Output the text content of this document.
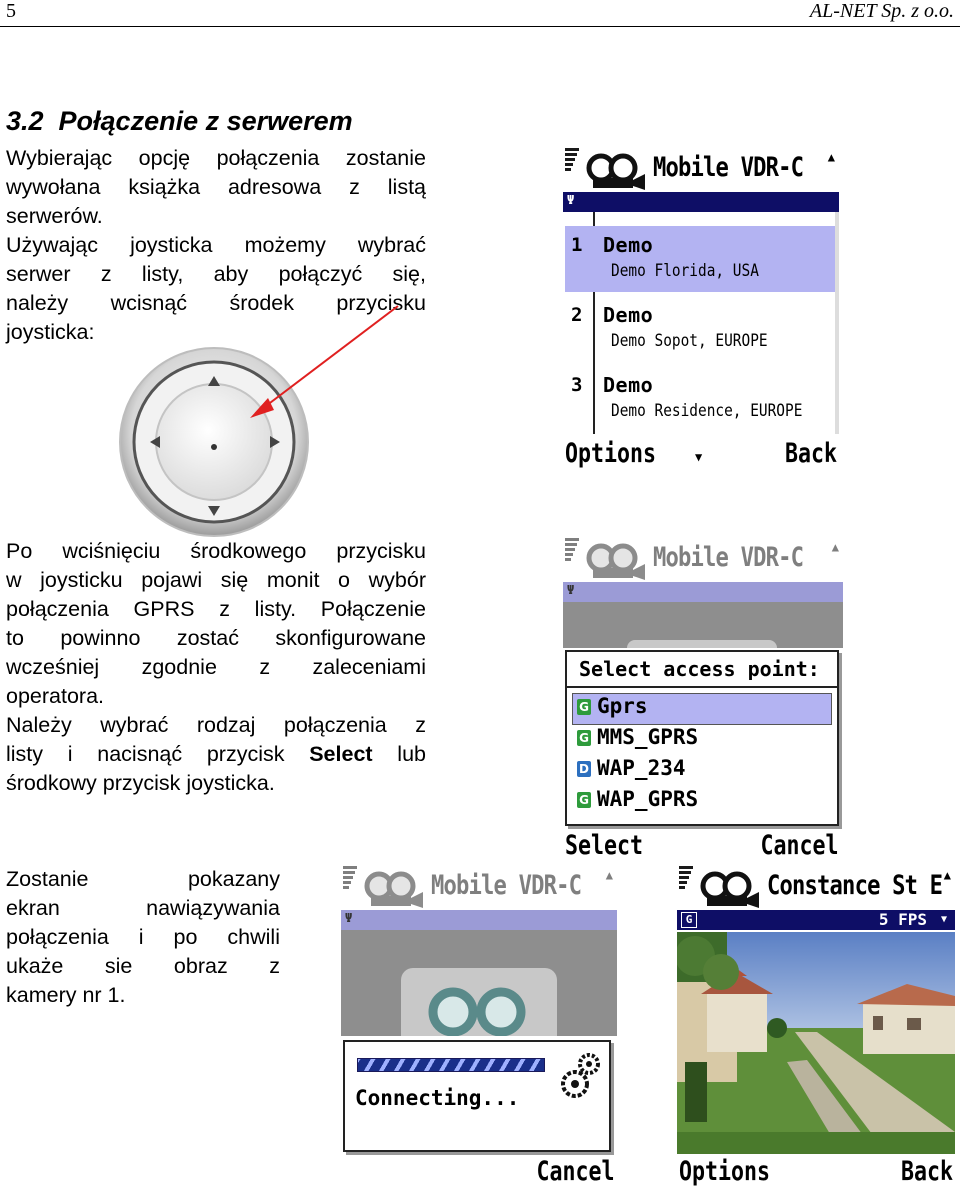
5	AL-NET Sp. z o.o.
3.2  Połączenie z serwerem
Wybierając opcję połączenia zostanie
wywołana książka adresowa z listą
serwerów.
Używając joysticka możemy wybrać
serwer z listy, aby połączyć się,
należy wcisnąć środek przycisku
joysticka:
Mobile VDR-C ▲
Ψ
1 Demo
Demo Florida, USA
2 Demo
Demo Sopot, EUROPE
3 Demo
Demo Residence, EUROPE
Options	▼	Back
Po wciśnięciu środkowego przycisku
w joysticku pojawi się monit o wybór
połączenia GPRS z listy. Połączenie
to powinno zostać skonfigurowane
wcześniej zgodnie z zaleceniami
operatora.
Należy wybrać rodzaj połączenia z
listy i nacisnąć przycisk Select lub
środkowy przycisk joysticka.
Mobile VDR-C ▲
Ψ
Select access point:
G Gprs
G MMS_GPRS
D WAP_234
G WAP_GPRS
Select	Cancel
Zostanie pokazany
ekran nawiązywania
połączenia i po chwili
ukaże sie obraz z
kamery nr 1.
Mobile VDR-C ▲
Ψ
Connecting...
Cancel
Constance St E ▲
G	5 FPS ▼
Options	Back
